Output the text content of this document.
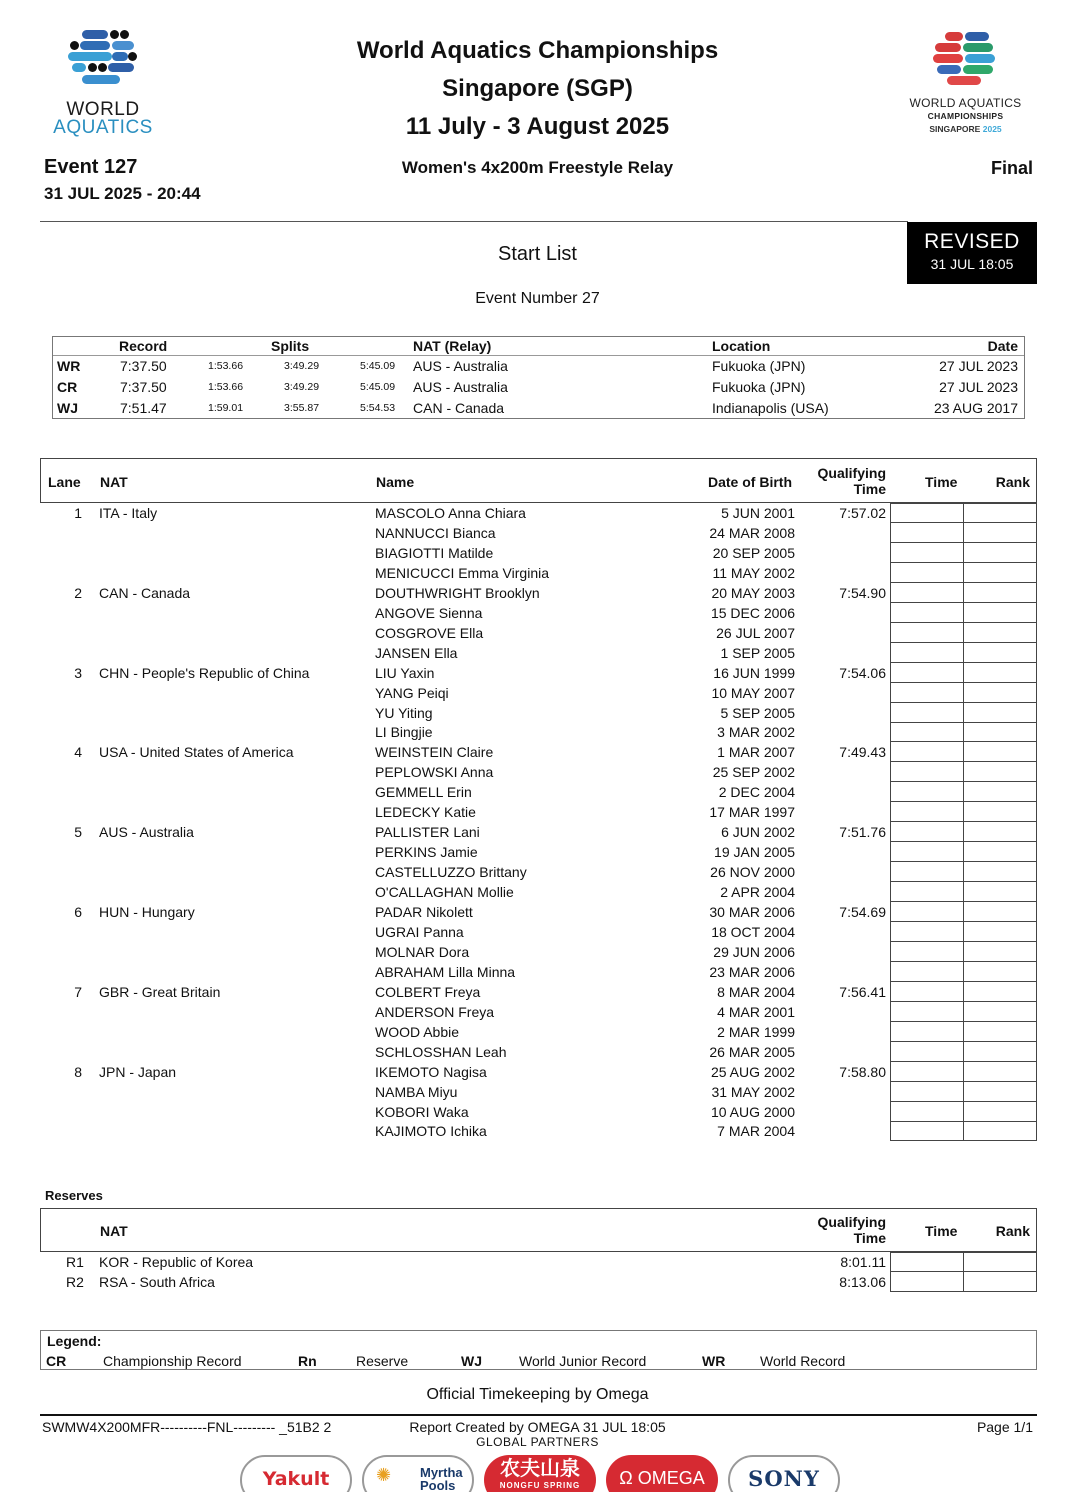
WORLD
AQUATICS
WORLD AQUATICS
CHAMPIONSHIPS
SINGAPORE 2025
World Aquatics Championships
Singapore (SGP)
11 July - 3 August 2025
Event 127
31 JUL 2025 - 20:44
Women's 4x200m Freestyle Relay	Final
REVISED
31 JUL 18:05
Start List
Event Number 27
Record	Splits	NAT (Relay)	Location	Date
WR	7:37.50	1:53.66	3:49.29	5:45.09 AUS - Australia	Fukuoka (JPN)	27 JUL 2023
CR	7:37.50	1:53.66	3:49.29	5:45.09 AUS - Australia	Fukuoka (JPN)	27 JUL 2023
WJ	7:51.47	1:59.01	3:55.87	5:54.53 CAN - Canada	Indianapolis (USA)	23 AUG 2017
Lane NAT	Name	Date of Birth
Qualifying
Time	Time	Rank
1 ITA - Italy	7:57.02
MASCOLO Anna Chiara	5 JUN 2001
NANNUCCI Bianca	24 MAR 2008
BIAGIOTTI Matilde	20 SEP 2005
MENICUCCI Emma Virginia	11 MAY 2002
2 CAN - Canada	7:54.90
DOUTHWRIGHT Brooklyn	20 MAY 2003
ANGOVE Sienna	15 DEC 2006
COSGROVE Ella	26 JUL 2007
JANSEN Ella	1 SEP 2005
3 CHN - People's Republic of China	7:54.06
LIU Yaxin	16 JUN 1999
YANG Peiqi	10 MAY 2007
YU Yiting	5 SEP 2005
LI Bingjie	3 MAR 2002
4 USA - United States of America	7:49.43
WEINSTEIN Claire	1 MAR 2007
PEPLOWSKI Anna	25 SEP 2002
GEMMELL Erin	2 DEC 2004
LEDECKY Katie	17 MAR 1997
5 AUS - Australia	7:51.76
PALLISTER Lani	6 JUN 2002
PERKINS Jamie	19 JAN 2005
CASTELLUZZO Brittany	26 NOV 2000
O'CALLAGHAN Mollie	2 APR 2004
6 HUN - Hungary	7:54.69
PADAR Nikolett	30 MAR 2006
UGRAI Panna	18 OCT 2004
MOLNAR Dora	29 JUN 2006
ABRAHAM Lilla Minna	23 MAR 2006
7 GBR - Great Britain	7:56.41
COLBERT Freya	8 MAR 2004
ANDERSON Freya	4 MAR 2001
WOOD Abbie	2 MAR 1999
SCHLOSSHAN Leah	26 MAR 2005
8 JPN - Japan	7:58.80
IKEMOTO Nagisa	25 AUG 2002
NAMBA Miyu	31 MAY 2002
KOBORI Waka	10 AUG 2000
KAJIMOTO Ichika	7 MAR 2004
Reserves
NAT
Qualifying
Time	Time	Rank
R1 KOR - Republic of Korea	8:01.11
R2 RSA - South Africa	8:13.06
Legend:
CR	Championship Record	Rn	Reserve	WJ	World Junior Record	WR World Record
Official Timekeeping by Omega
SWMW4X200MFR----------FNL--------- _51B2 2	Report Created by OMEGA 31 JUL 18:05	Page 1/1
GLOBAL PARTNERS
Yakult	✺ Myrtha Pools
农夫山泉
NONGFU SPRING	Ω OMEGA	SONY
